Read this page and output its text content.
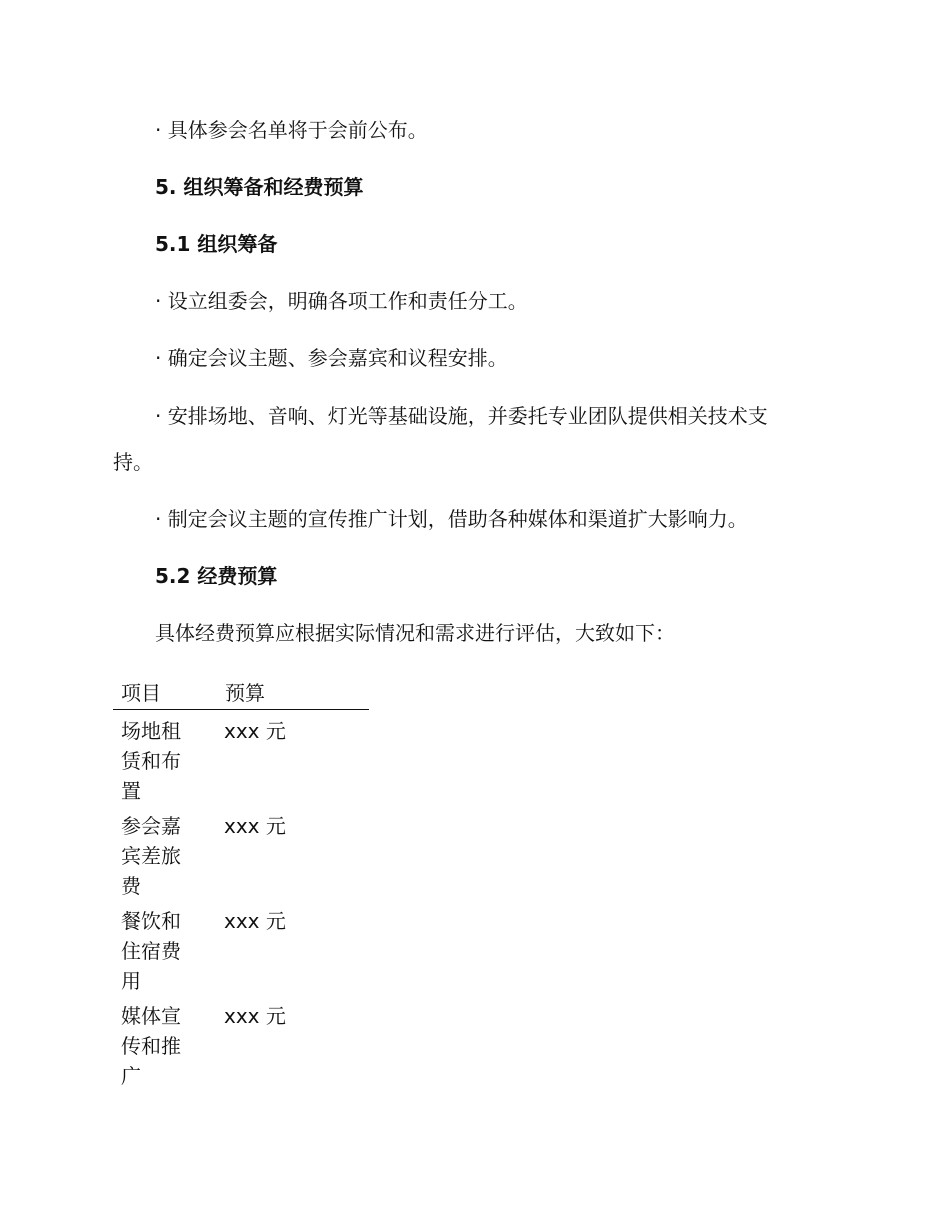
· 具体参会名单将于会前公布。
5. 组织筹备和经费预算
5.1 组织筹备
· 设立组委会，明确各项工作和责任分工。
· 确定会议主题、参会嘉宾和议程安排。
· 安排场地、音响、灯光等基础设施，并委托专业团队提供相关技术支
持。
· 制定会议主题的宣传推广计划，借助各种媒体和渠道扩大影响力。
5.2 经费预算
具体经费预算应根据实际情况和需求进行评估，大致如下：
项目	预算
场地租赁和布置
xxx 元
参会嘉宾差旅费
xxx 元
餐饮和住宿费用
xxx 元
媒体宣传和推广
xxx 元
